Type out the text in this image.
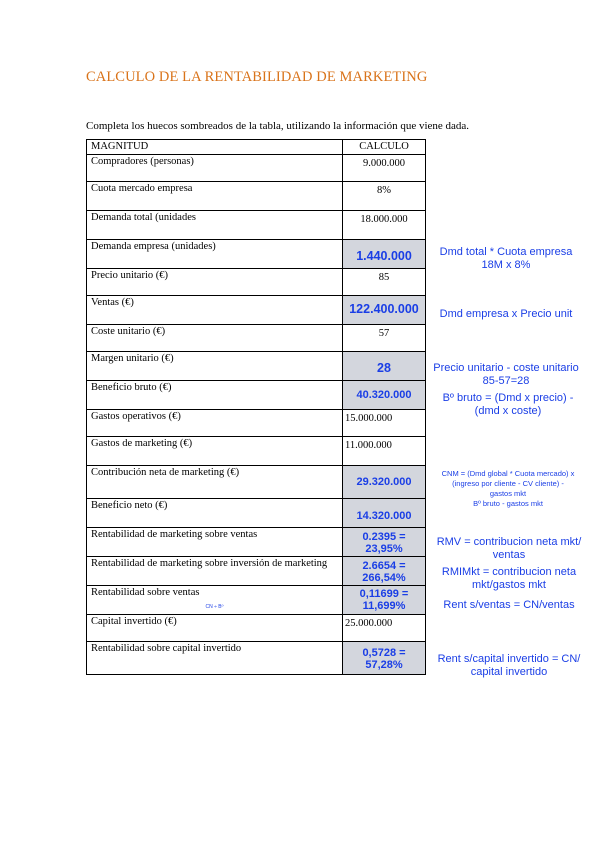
CALCULO DE LA RENTABILIDAD DE MARKETING
Completa los huecos sombreados de la tabla, utilizando la información que viene dada.
MAGNITUD	CALCULO
Compradores (personas)	9.000.000

Cuota mercado empresa	8%

Demanda total (unidades	18.000.000

Demanda empresa (unidades)	1.440.000

Precio unitario (€)	85

Ventas (€)	122.400.000

Coste unitario (€)	57

Margen unitario (€)	28

Beneficio bruto (€)	40.320.000

Gastos operativos (€)	15.000.000

Gastos de marketing (€)	11.000.000

Contribución neta de marketing (€)	29.320.000

Beneficio neto (€)	14.320.000

Rentabilidad de marketing sobre ventas	0.2395 =
23,95%

Rentabilidad de marketing sobre inversión de marketing	2.6654 =
266,54%

Rentabilidad sobre ventas
CN ÷ Bº	0,11699 =
11,699%

Capital invertido (€)	25.000.000

Rentabilidad sobre capital invertido	0,5728 =
57,28%
Dmd total * Cuota empresa
18M x 8%
Dmd empresa x Precio unit
Precio unitario - coste unitario
85-57=28
Bº bruto = (Dmd x precio) -
(dmd x coste)
CNM = (Dmd global * Cuota mercado) x
(ingreso por cliente - CV cliente) -
gastos mkt
Bº bruto - gastos mkt
RMV = contribucion neta mkt/
ventas
RMIMkt = contribucion neta
mkt/gastos mkt
Rent s/ventas = CN/ventas
Rent s/capital invertido = CN/
capital invertido
